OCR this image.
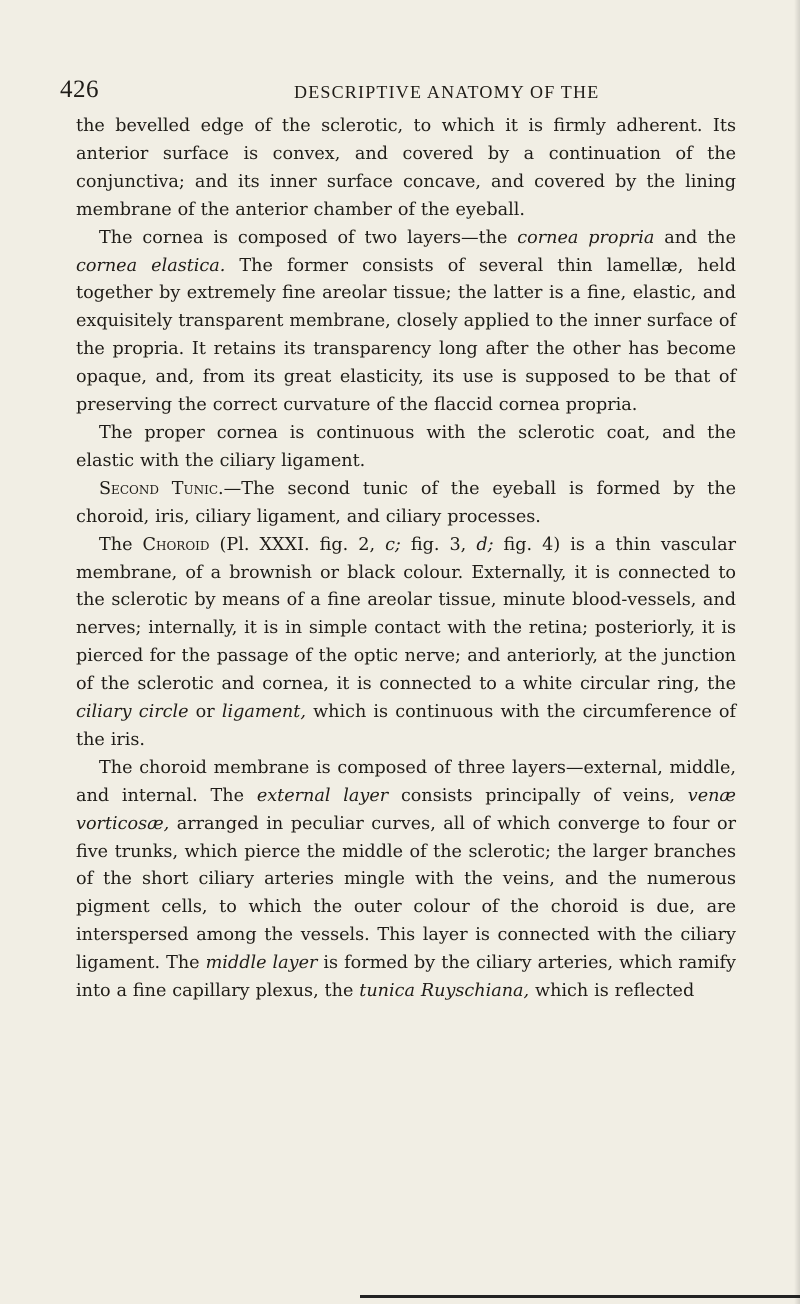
426	DESCRIPTIVE ANATOMY OF THE

the bevelled edge of the sclerotic, to which it is firmly adherent. Its anterior surface is convex, and covered by a continuation of the conjunctiva; and its inner surface concave, and covered by the lining membrane of the anterior chamber of the eyeball.

The cornea is composed of two layers—the cornea propria and the cornea elastica. The former consists of several thin lamellæ, held together by extremely fine areolar tissue; the latter is a fine, elastic, and exquisitely transparent membrane, closely applied to the inner surface of the propria. It retains its transparency long after the other has become opaque, and, from its great elasticity, its use is supposed to be that of preserving the correct curvature of the flaccid cornea propria.

The proper cornea is continuous with the sclerotic coat, and the elastic with the ciliary ligament.

Second Tunic.—The second tunic of the eyeball is formed by the choroid, iris, ciliary ligament, and ciliary processes.

The Choroid (Pl. XXXI. fig. 2, c; fig. 3, d; fig. 4) is a thin vascular membrane, of a brownish or black colour. Externally, it is connected to the sclerotic by means of a fine areolar tissue, minute blood-vessels, and nerves; internally, it is in simple contact with the retina; posteriorly, it is pierced for the passage of the optic nerve; and anteriorly, at the junction of the sclerotic and cornea, it is connected to a white circular ring, the ciliary circle or ligament, which is continuous with the circumference of the iris.

The choroid membrane is composed of three layers—external, middle, and internal. The external layer consists principally of veins, venæ vorticosæ, arranged in peculiar curves, all of which converge to four or five trunks, which pierce the middle of the sclerotic; the larger branches of the short ciliary arteries mingle with the veins, and the numerous pigment cells, to which the outer colour of the choroid is due, are interspersed among the vessels. This layer is connected with the ciliary ligament. The middle layer is formed by the ciliary arteries, which ramify into a fine capillary plexus, the tunica Ruyschiana, which is reflected
